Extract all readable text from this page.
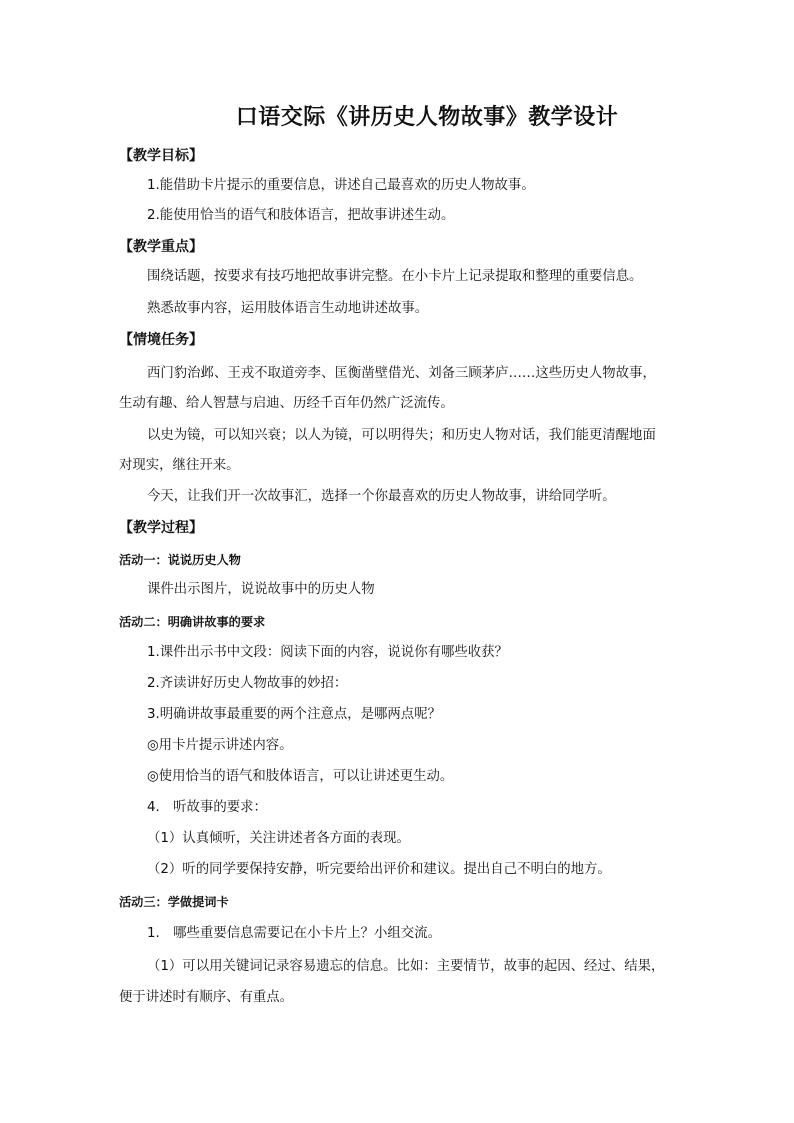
口语交际《讲历史人物故事》教学设计
【教学目标】
1.能借助卡片提示的重要信息，讲述自己最喜欢的历史人物故事。
2.能使用恰当的语气和肢体语言，把故事讲述生动。
【教学重点】
围绕话题，按要求有技巧地把故事讲完整。在小卡片上记录提取和整理的重要信息。
熟悉故事内容，运用肢体语言生动地讲述故事。
【情境任务】
西门豹治邺、王戎不取道旁李、匡衡凿壁借光、刘备三顾茅庐……这些历史人物故事，
生动有趣、给人智慧与启迪、历经千百年仍然广泛流传。
以史为镜，可以知兴衰；以人为镜，可以明得失；和历史人物对话，我们能更清醒地面
对现实，继往开来。
今天，让我们开一次故事汇，选择一个你最喜欢的历史人物故事，讲给同学听。
【教学过程】
活动一：说说历史人物
课件出示图片，说说故事中的历史人物
活动二：明确讲故事的要求
1.课件出示书中文段：阅读下面的内容，说说你有哪些收获？
2.齐读讲好历史人物故事的妙招：
3.明确讲故事最重要的两个注意点，是哪两点呢？
◎用卡片提示讲述内容。
◎使用恰当的语气和肢体语言，可以让讲述更生动。
4.　听故事的要求：
（1）认真倾听，关注讲述者各方面的表现。
（2）听的同学要保持安静，听完要给出评价和建议。提出自己不明白的地方。
活动三：学做提词卡
1.　哪些重要信息需要记在小卡片上？小组交流。
（1）可以用关键词记录容易遗忘的信息。比如：主要情节，故事的起因、经过、结果，
便于讲述时有顺序、有重点。
